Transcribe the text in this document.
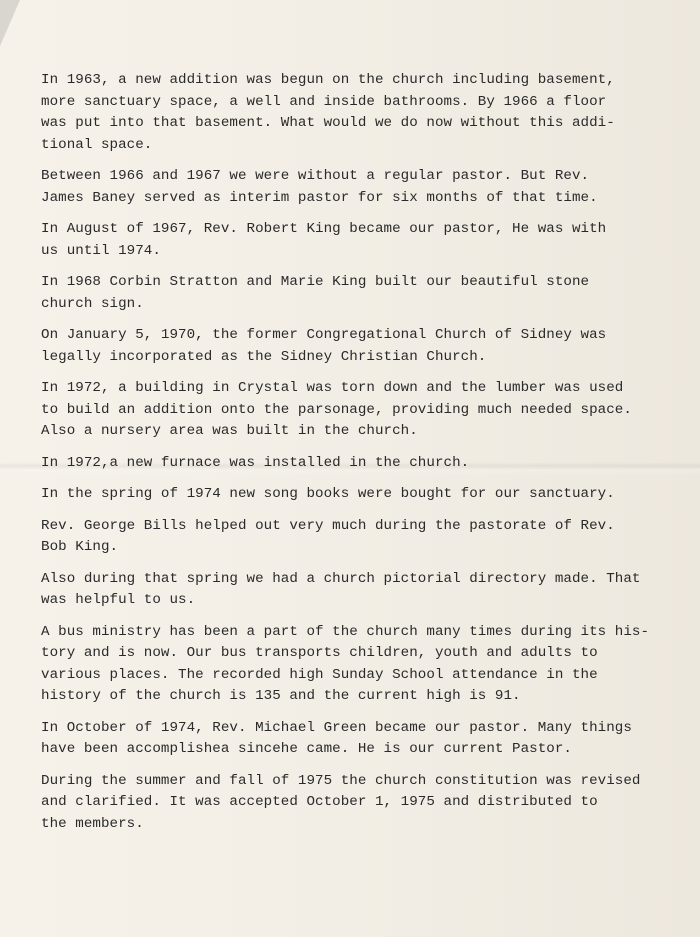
In 1963, a new addition was begun on the church including basement,
more sanctuary space, a well and inside bathrooms. By 1966 a floor
was put into that basement. What would we do now without this addi-
tional space.

Between 1966 and 1967 we were without a regular pastor. But Rev.
James Baney served as interim pastor for six months of that time.

In August of 1967, Rev. Robert King became our pastor, He was with
us until 1974.

In 1968 Corbin Stratton and Marie King built our beautiful stone
church sign.

On January 5, 1970, the former Congregational Church of Sidney was
legally incorporated as the Sidney Christian Church.

In 1972, a building in Crystal was torn down and the lumber was used
to build an addition onto the parsonage, providing much needed space.
Also a nursery area was built in the church.

In 1972,a new furnace was installed in the church.

In the spring of 1974 new song books were bought for our sanctuary.

Rev. George Bills helped out very much during the pastorate of Rev.
Bob King.

Also during that spring we had a church pictorial directory made. That
was helpful to us.

A bus ministry has been a part of the church many times during its his-
tory and is now. Our bus transports children, youth and adults to
various places. The recorded high Sunday School attendance in the
history of the church is 135 and the current high is 91.

In October of 1974, Rev. Michael Green became our pastor. Many things
have been accomplishea sincehe came. He is our current Pastor.

During the summer and fall of 1975 the church constitution was revised
and clarified. It was accepted October 1, 1975 and distributed to
the members.
